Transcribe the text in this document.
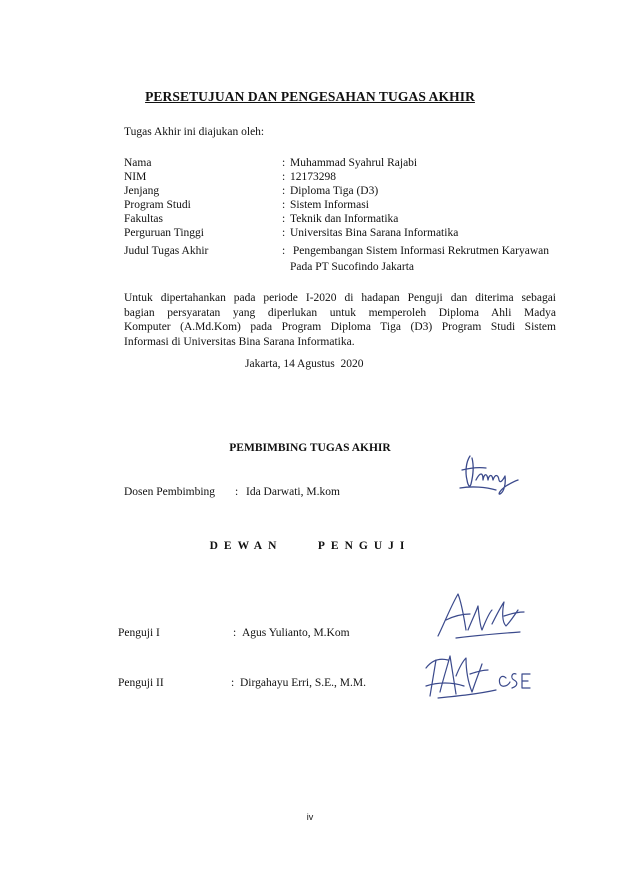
PERSETUJUAN DAN PENGESAHAN TUGAS AKHIR
Tugas Akhir ini diajukan oleh:
Nama	: Muhammad Syahrul Rajabi
NIM	: 12173298
Jenjang	: Diploma Tiga (D3)
Program Studi	: Sistem Informasi
Fakultas	: Teknik dan Informatika
Perguruan Tinggi	: Universitas Bina Sarana Informatika
Judul Tugas Akhir	: Pengembangan Sistem Informasi Rekrutmen Karyawan
Pada PT Sucofindo Jakarta
Untuk dipertahankan pada periode I-2020 di hadapan Penguji dan diterima sebagai
bagian persyaratan yang diperlukan untuk memperoleh Diploma Ahli Madya
Komputer (A.Md.Kom) pada Program Diploma Tiga (D3) Program Studi Sistem
Informasi di Universitas Bina Sarana Informatika.
Jakarta, 14 Agustus  2020
PEMBIMBING TUGAS AKHIR
Dosen Pembimbing : Ida Darwati, M.kom
DEWAN    PENGUJI
Penguji I	: Agus Yulianto, M.Kom
Penguji II	: Dirgahayu Erri, S.E., M.M.
iv
